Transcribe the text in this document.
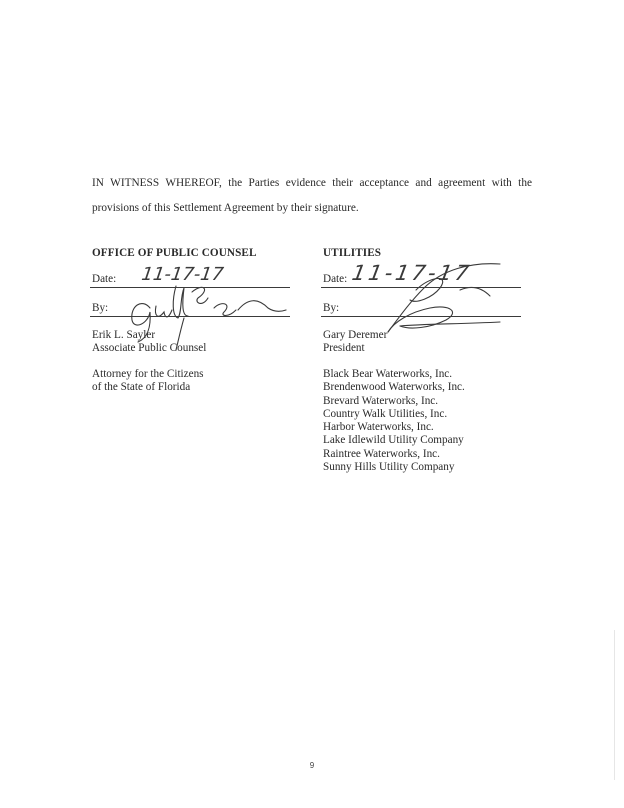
IN WITNESS WHEREOF, the Parties evidence their acceptance and agreement with the

provisions of this Settlement Agreement by their signature.

OFFICE OF PUBLIC COUNSEL
Date: 11-17-17
By:
Erik L. Sayler
Associate Public Counsel
Attorney for the Citizens
of the State of Florida
UTILITIES
Date: 11-17-17
By:
Gary Deremer
President
Black Bear Waterworks, Inc.
Brendenwood Waterworks, Inc.
Brevard Waterworks, Inc.
Country Walk Utilities, Inc.
Harbor Waterworks, Inc.
Lake Idlewild Utility Company
Raintree Waterworks, Inc.
Sunny Hills Utility Company
9
